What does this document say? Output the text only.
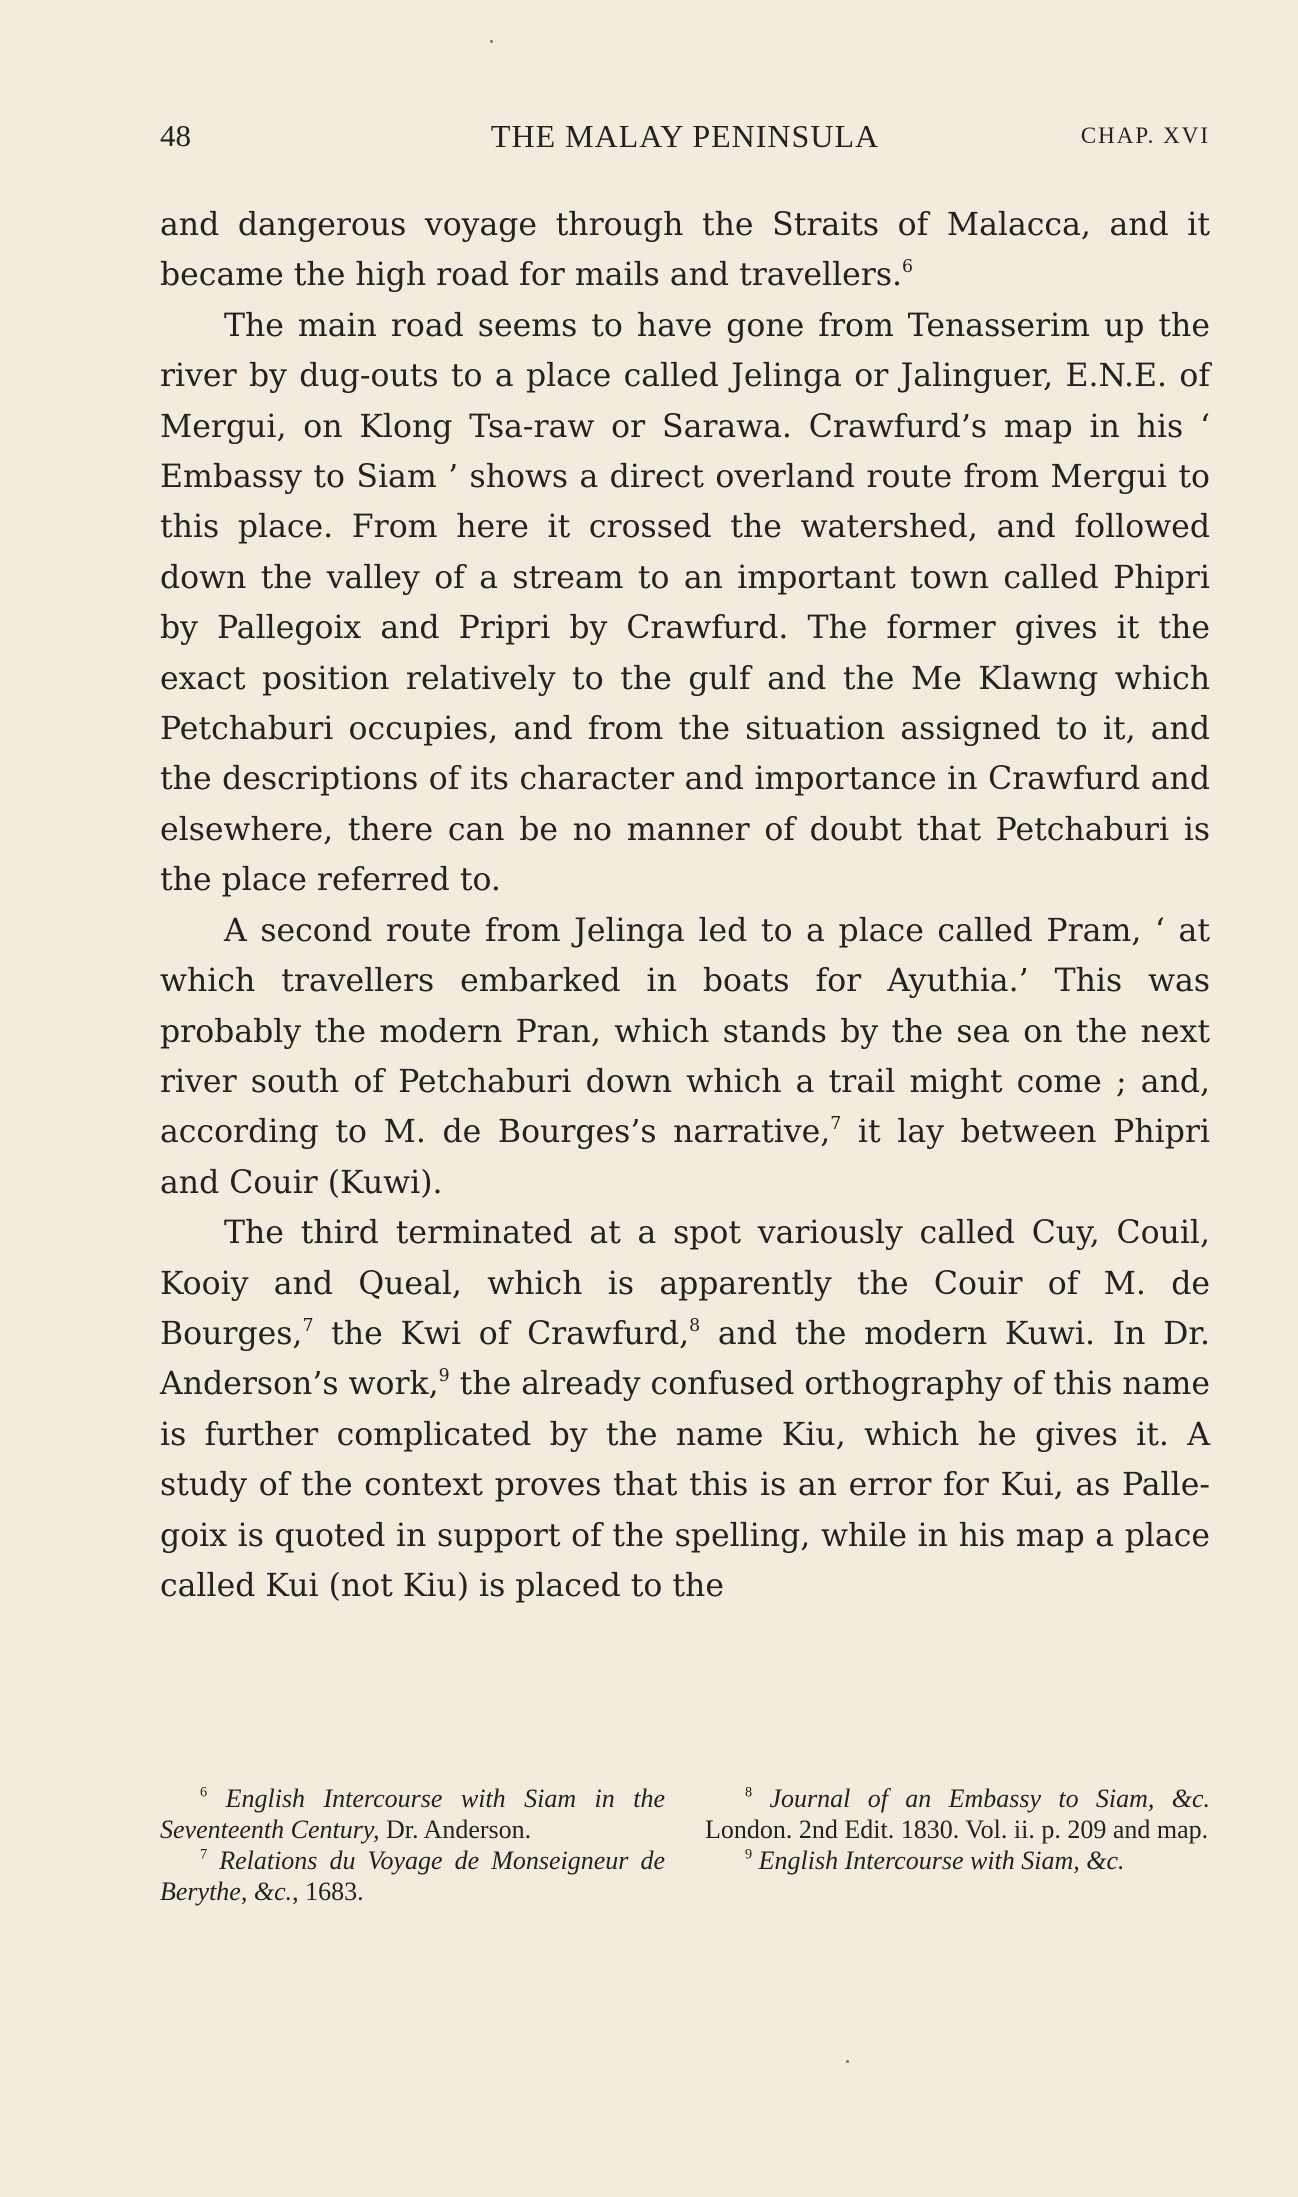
48	THE MALAY PENINSULA	CHAP. XVI

and dangerous voyage through the Straits of Malacca, and it became the high road for mails and travellers.$^6$

The main road seems to have gone from Tenasserim up the river by dug-outs to a place called Jelinga or Jalinguer, E.N.E. of Mergui, on Klong Tsa-raw or Sarawa. Crawfurd’s map in his ‘ Embassy to Siam ’ shows a direct overland route from Mergui to this place. From here it crossed the watershed, and followed down the valley of a stream to an important town called Phipri by Pallegoix and Pripri by Crawfurd. The former gives it the exact position relatively to the gulf and the Me Klawng which Petchaburi occupies, and from the situation assigned to it, and the descriptions of its character and importance in Crawfurd and elsewhere, there can be no manner of doubt that Petchaburi is the place referred to.

A second route from Jelinga led to a place called Pram, ‘ at which travellers embarked in boats for Ayuthia.’ This was probably the modern Pran, which stands by the sea on the next river south of Petchaburi down which a trail might come ; and, according to M. de Bourges’s narrative,$^7$ it lay between Phipri and Couir (Kuwi).

The third terminated at a spot variously called Cuy, Couil, Kooiy and Queal, which is apparently the Couir of M. de Bourges,$^7$ the Kwi of Crawfurd,$^8$ and the modern Kuwi. In Dr. Anderson’s work,$^9$ the already confused orthography of this name is further complicated by the name Kiu, which he gives it. A study of the context proves that this is an error for Kui, as Pallegoix is quoted in support of the spelling, while in his map a place called Kui (not Kiu) is placed to the

$^6$ English Intercourse with Siam in the Seventeenth Century, Dr. Anderson.

$^7$ Relations du Voyage de Monseigneur de Berythe, &c., 1683.

$^8$ Journal of an Embassy to Siam, &c. London. 2nd Edit. 1830. Vol. ii. p. 209 and map.

$^9$ English Intercourse with Siam, &c.
